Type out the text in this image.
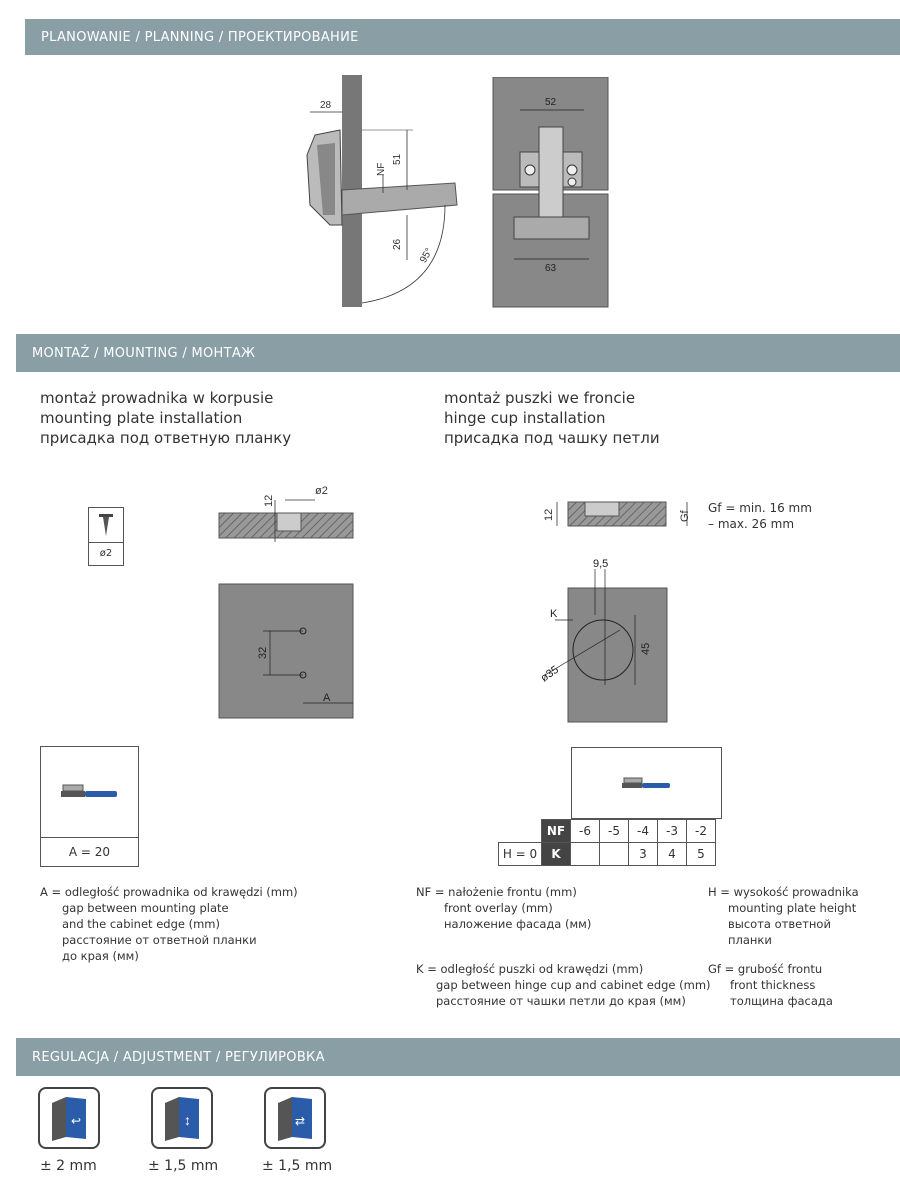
PLANOWANIE / PLANNING / ПРОЕКТИРОВАНИЕ
MONTAŻ / MOUNTING / МОНТАЖ
REGULACJA / ADJUSTMENT / РЕГУЛИРОВКА
28
51
NF
26
95°
52
63
montaż prowadnika w korpusie
mounting plate installation
присадка под ответную планку
montaż puszki we froncie
hinge cup installation
присадка под чашку петли
ø2
12
ø2
32
A
12	Gf
Gf = min. 16 mm
– max. 26 mm
9,5
K
45
ø35
A = 20
	NF	-6	-5	-4	-3	-2
H = 0	K			3	4	5
A = odległość prowadnika od krawędzi (mm)
gap between mounting plate
and the cabinet edge (mm)
расстояние от ответной планки
до края (мм)
NF = nałożenie frontu (mm)
front overlay (mm)
наложение фасада (мм)
H = wysokość prowadnika
mounting plate height
высота ответной
планки
K = odległość puszki od krawędzi (mm)
gap between hinge cup and cabinet edge (mm)
расстояние от чашки петли до края (мм)
Gf = grubość frontu
front thickness
толщина фасада
↩	↕	⇄
± 2 mm	± 1,5 mm	± 1,5 mm
